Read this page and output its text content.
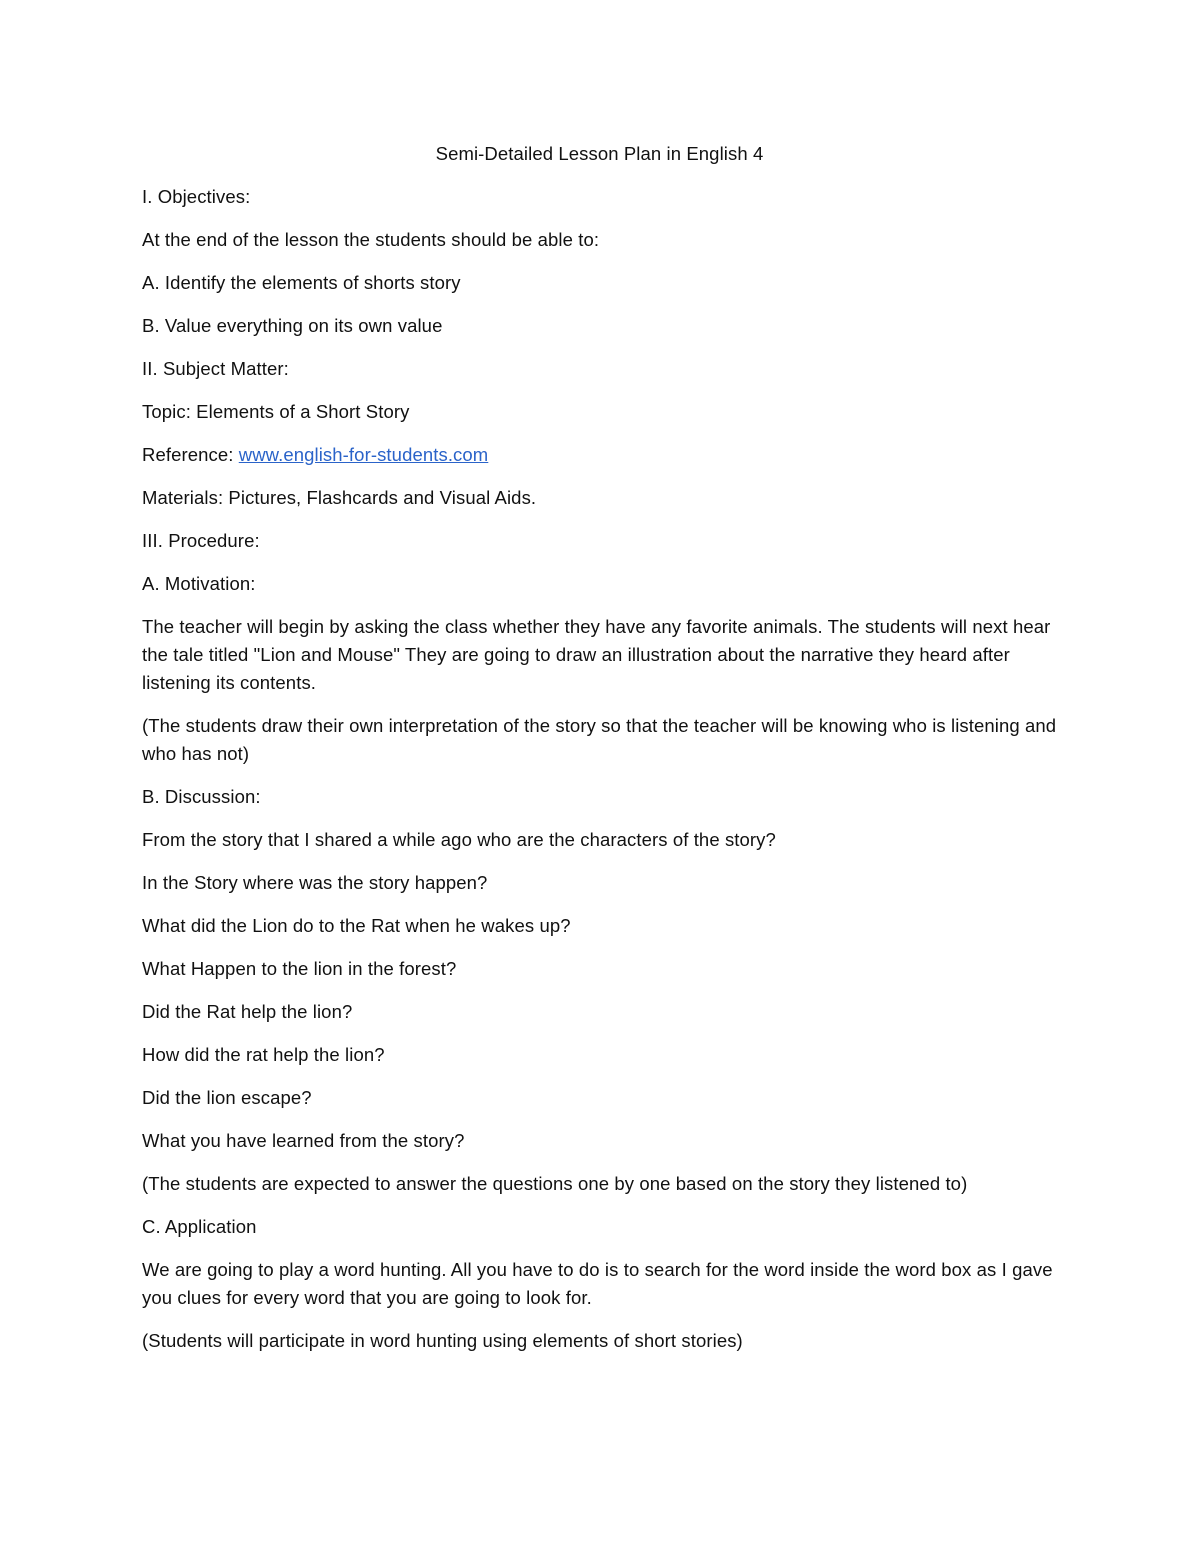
Semi-Detailed Lesson Plan in English 4

I. Objectives:

At the end of the lesson the students should be able to:

A. Identify the elements of shorts story

B. Value everything on its own value

II. Subject Matter:

Topic: Elements of a Short Story

Reference: www.english-for-students.com

Materials: Pictures, Flashcards and Visual Aids.

III. Procedure:

A. Motivation:

The teacher will begin by asking the class whether they have any favorite animals. The students will next hear the tale titled "Lion and Mouse" They are going to draw an illustration about the narrative they heard after listening its contents.

(The students draw their own interpretation of the story so that the teacher will be knowing who is listening and who has not)

B. Discussion:

From the story that I shared a while ago who are the characters of the story?

In the Story where was the story happen?

What did the Lion do to the Rat when he wakes up?

What Happen to the lion in the forest?

Did the Rat help the lion?

How did the rat help the lion?

Did the lion escape?

What you have learned from the story?

(The students are expected to answer the questions one by one based on the story they listened to)

C. Application

We are going to play a word hunting. All you have to do is to search for the word inside the word box as I gave you clues for every word that you are going to look for.

(Students will participate in word hunting using elements of short stories)
